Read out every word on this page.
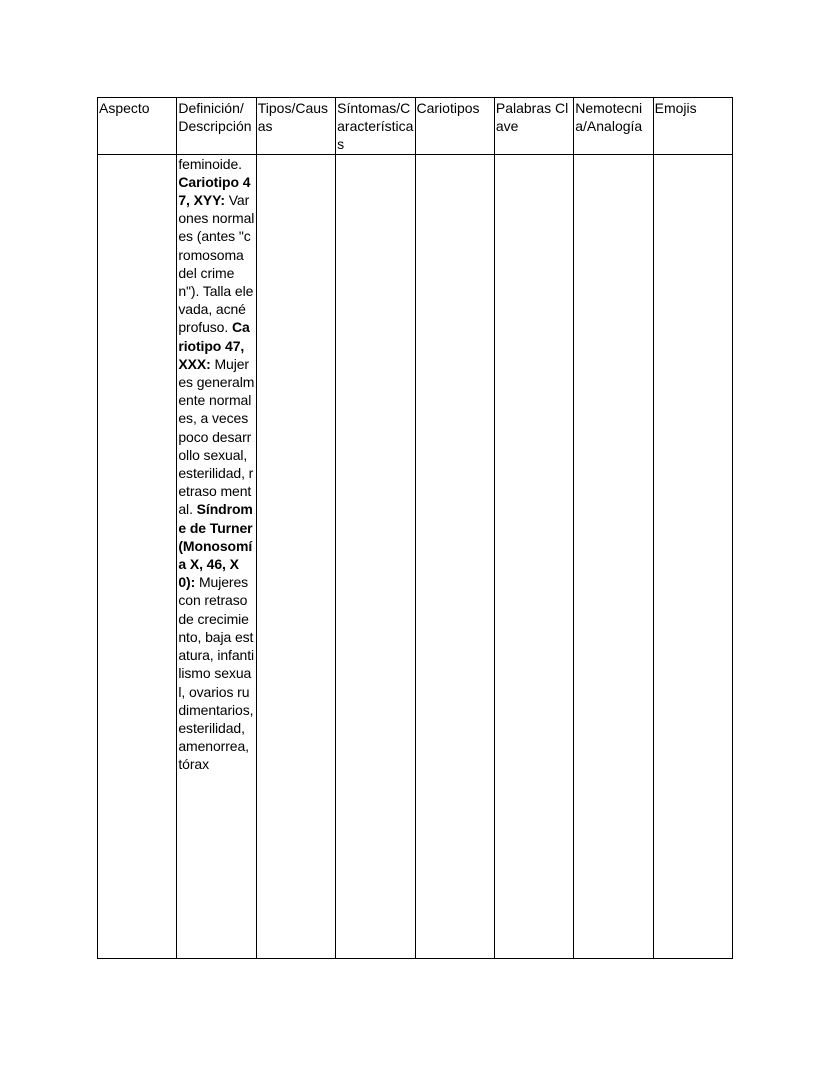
Aspecto	Definición/ Descripción	Tipos/Causas	Síntomas/Características	Cariotipos	Palabras Clave	Nemotecnia/Analogía	Emojis
	feminoide. Cariotipo 47, XYY: Varones normales (antes "cromosoma del crimen"). Talla elevada, acné profuso. Cariotipo 47, XXX: Mujeres generalmente normales, a veces poco desarrollo sexual, esterilidad, retraso mental. Síndrome de Turner (Monosomía X, 46, X0): Mujeres con retraso de crecimiento, baja estatura, infantilismo sexual, ovarios rudimentarios, esterilidad, amenorrea, tórax						
